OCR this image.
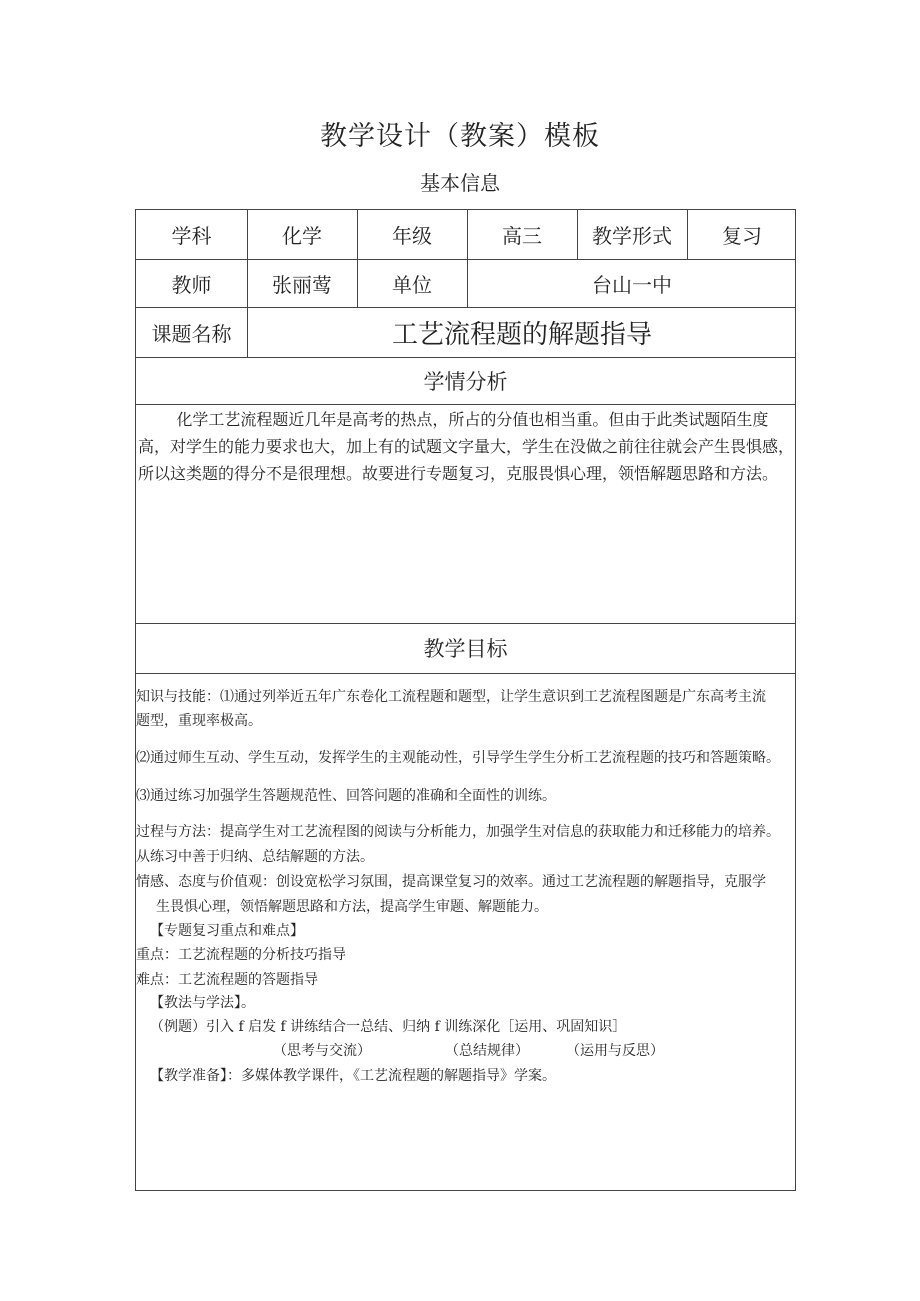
教学设计（教案）模板
基本信息
学科	化学	年级	高三	教学形式	复习
教师	张丽莺	单位	台山一中
课题名称	工艺流程题的解题指导
学情分析
化学工艺流程题近几年是高考的热点，所占的分值也相当重。但由于此类试题陌生度高，对学生的能力要求也大，加上有的试题文字量大，学生在没做之前往往就会产生畏惧感，所以这类题的得分不是很理想。故要进行专题复习，克服畏惧心理，领悟解题思路和方法。
教学目标
知识与技能：⑴通过列举近五年广东卷化工流程题和题型，让学生意识到工艺流程图题是广东高考主流
题型，重现率极高。
⑵通过师生互动、学生互动，发挥学生的主观能动性，引导学生学生分析工艺流程题的技巧和答题策略。
⑶通过练习加强学生答题规范性、回答问题的准确和全面性的训练。
过程与方法：提高学生对工艺流程图的阅读与分析能力，加强学生对信息的获取能力和迁移能力的培养。
从练习中善于归纳、总结解题的方法。
情感、态度与价值观：创设宽松学习氛围，提高课堂复习的效率。通过工艺流程题的解题指导，克服学
生畏惧心理，领悟解题思路和方法，提高学生审题、解题能力。
【专题复习重点和难点】
重点：工艺流程题的分析技巧指导
难点：工艺流程题的答题指导
【教法与学法】。
（例题）引入 f 启发 f 讲练结合一总结、归纳 f 训练深化［运用、巩固知识］
（思考与交流）	（总结规律）	（运用与反思）
【教学准备】：多媒体教学课件，《工艺流程题的解题指导》学案。
